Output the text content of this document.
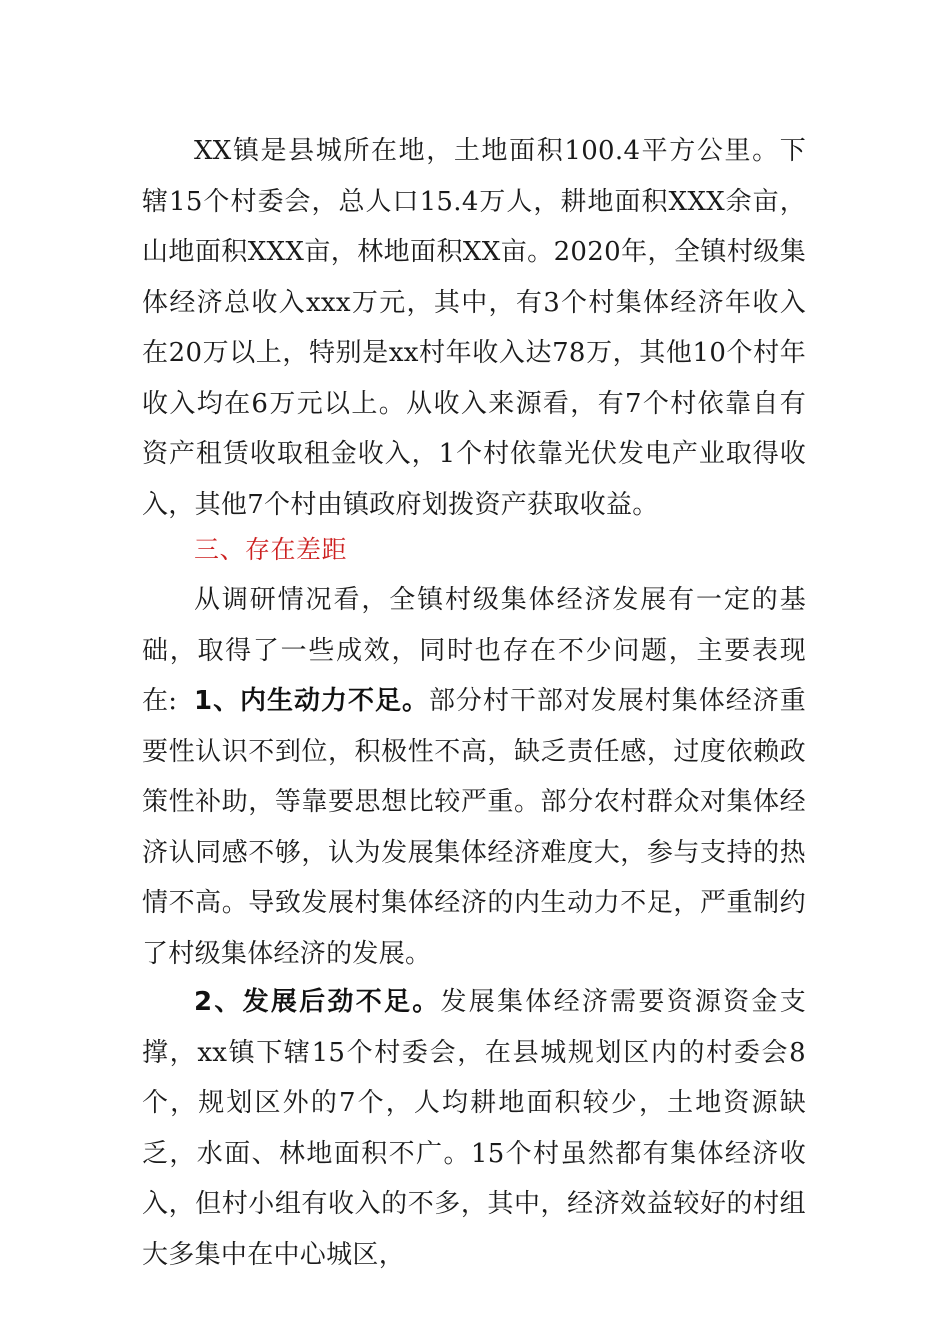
XX镇是县城所在地，土地面积100.4平方公里。下辖15个村委会，总人口15.4万人，耕地面积XXX余亩，山地面积XXX亩，林地面积XX亩。2020年，全镇村级集体经济总收入xxx万元，其中，有3个村集体经济年收入在20万以上，特别是xx村年收入达78万，其他10个村年收入均在6万元以上。从收入来源看，有7个村依靠自有资产租赁收取租金收入，1个村依靠光伏发电产业取得收入，其他7个村由镇政府划拨资产获取收益。

三、存在差距

从调研情况看，全镇村级集体经济发展有一定的基础，取得了一些成效，同时也存在不少问题，主要表现在: 1、内生动力不足。部分村干部对发展村集体经济重要性认识不到位，积极性不高，缺乏责任感，过度依赖政策性补助，等靠要思想比较严重。部分农村群众对集体经济认同感不够，认为发展集体经济难度大，参与支持的热情不高。导致发展村集体经济的内生动力不足，严重制约了村级集体经济的发展。

2、发展后劲不足。发展集体经济需要资源资金支撑，xx镇下辖15个村委会，在县城规划区内的村委会8个，规划区外的7个，人均耕地面积较少，土地资源缺乏，水面、林地面积不广。15个村虽然都有集体经济收入，但村小组有收入的不多，其中，经济效益较好的村组大多集中在中心城区，
